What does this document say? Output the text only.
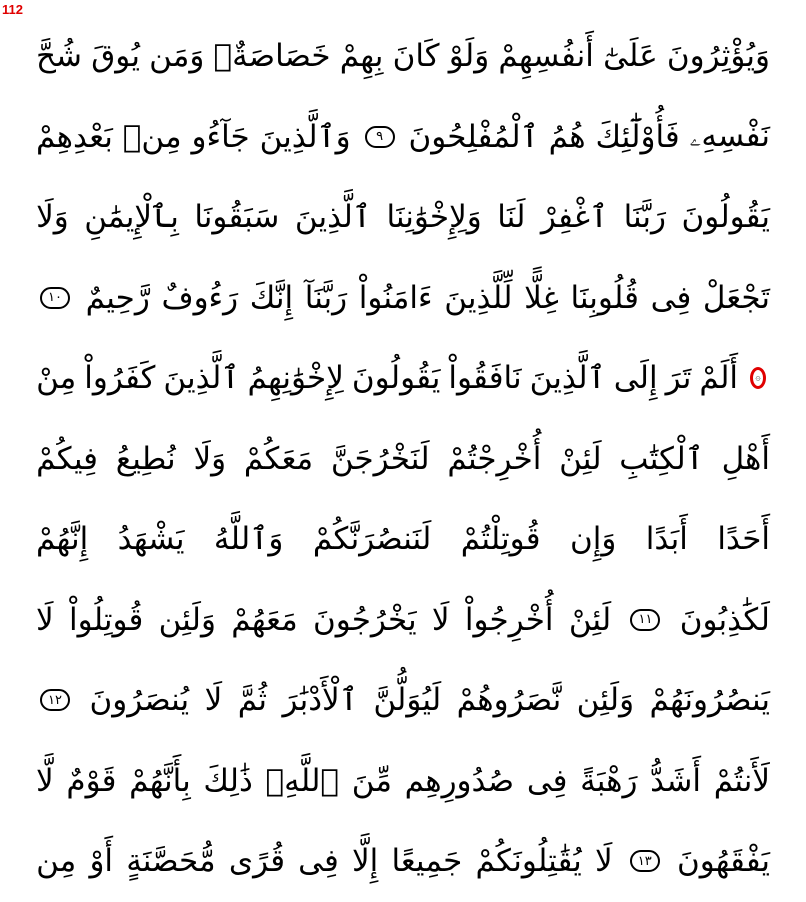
112
وَيُؤْثِرُونَ
عَلَىٰٓ
أَنفُسِهِمْ
وَلَوْ
كَانَ
بِهِمْ
خَصَاصَةٌۚ
وَمَن
يُوقَ
شُحَّ
نَفْسِهِۦ
فَأُوْلَٰٓئِكَ
هُمُ
ٱلْمُفْلِحُونَ
٩
وَٱلَّذِينَ
جَآءُو
مِنۢ
بَعْدِهِمْ
يَقُولُونَ
رَبَّنَا
ٱغْفِرْ
لَنَا
وَلِإِخْوَٰنِنَا
ٱلَّذِينَ
سَبَقُونَا
بِٱلْإِيمَٰنِ
وَلَا
تَجْعَلْ
فِى
قُلُوبِنَا
غِلًّا
لِّلَّذِينَ
ءَامَنُواْ
رَبَّنَآ
إِنَّكَ
رَءُوفٌ
رَّحِيمٌ
١٠
۞
أَلَمْ
تَرَ
إِلَى
ٱلَّذِينَ
نَافَقُواْ
يَقُولُونَ
لِإِخْوَٰنِهِمُ
ٱلَّذِينَ
كَفَرُواْ
مِنْ
أَهْلِ
ٱلْكِتَٰبِ
لَئِنْ
أُخْرِجْتُمْ
لَنَخْرُجَنَّ
مَعَكُمْ
وَلَا
نُطِيعُ
فِيكُمْ
أَحَدًا
أَبَدًا
وَإِن
قُوتِلْتُمْ
لَنَنصُرَنَّكُمْ
وَٱللَّهُ
يَشْهَدُ
إِنَّهُمْ
لَكَٰذِبُونَ
١١
لَئِنْ
أُخْرِجُواْ
لَا
يَخْرُجُونَ
مَعَهُمْ
وَلَئِن
قُوتِلُواْ
لَا
يَنصُرُونَهُمْ
وَلَئِن
نَّصَرُوهُمْ
لَيُوَلُّنَّ
ٱلْأَدْبَٰرَ
ثُمَّ
لَا
يُنصَرُونَ
١٢
لَأَنتُمْ
أَشَدُّ
رَهْبَةً
فِى
صُدُورِهِم
مِّنَ
ٱللَّهِۚ
ذَٰلِكَ
بِأَنَّهُمْ
قَوْمٌ
لَّا
يَفْقَهُونَ
١٣
لَا
يُقَٰتِلُونَكُمْ
جَمِيعًا
إِلَّا
فِى
قُرًى
مُّحَصَّنَةٍ
أَوْ
مِن
